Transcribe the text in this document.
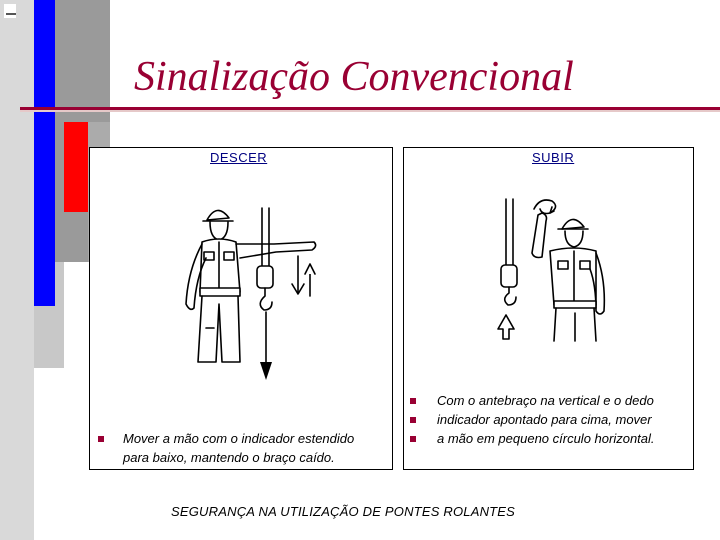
Sinalização Convencional
DESCER
Mover a mão com o indicador estendido
para baixo, mantendo o braço caído.
SUBIR
Com o antebraço na vertical e o dedo
indicador apontado para cima, mover
a mão em pequeno círculo horizontal.
SEGURANÇA NA UTILIZAÇÃO DE PONTES ROLANTES
